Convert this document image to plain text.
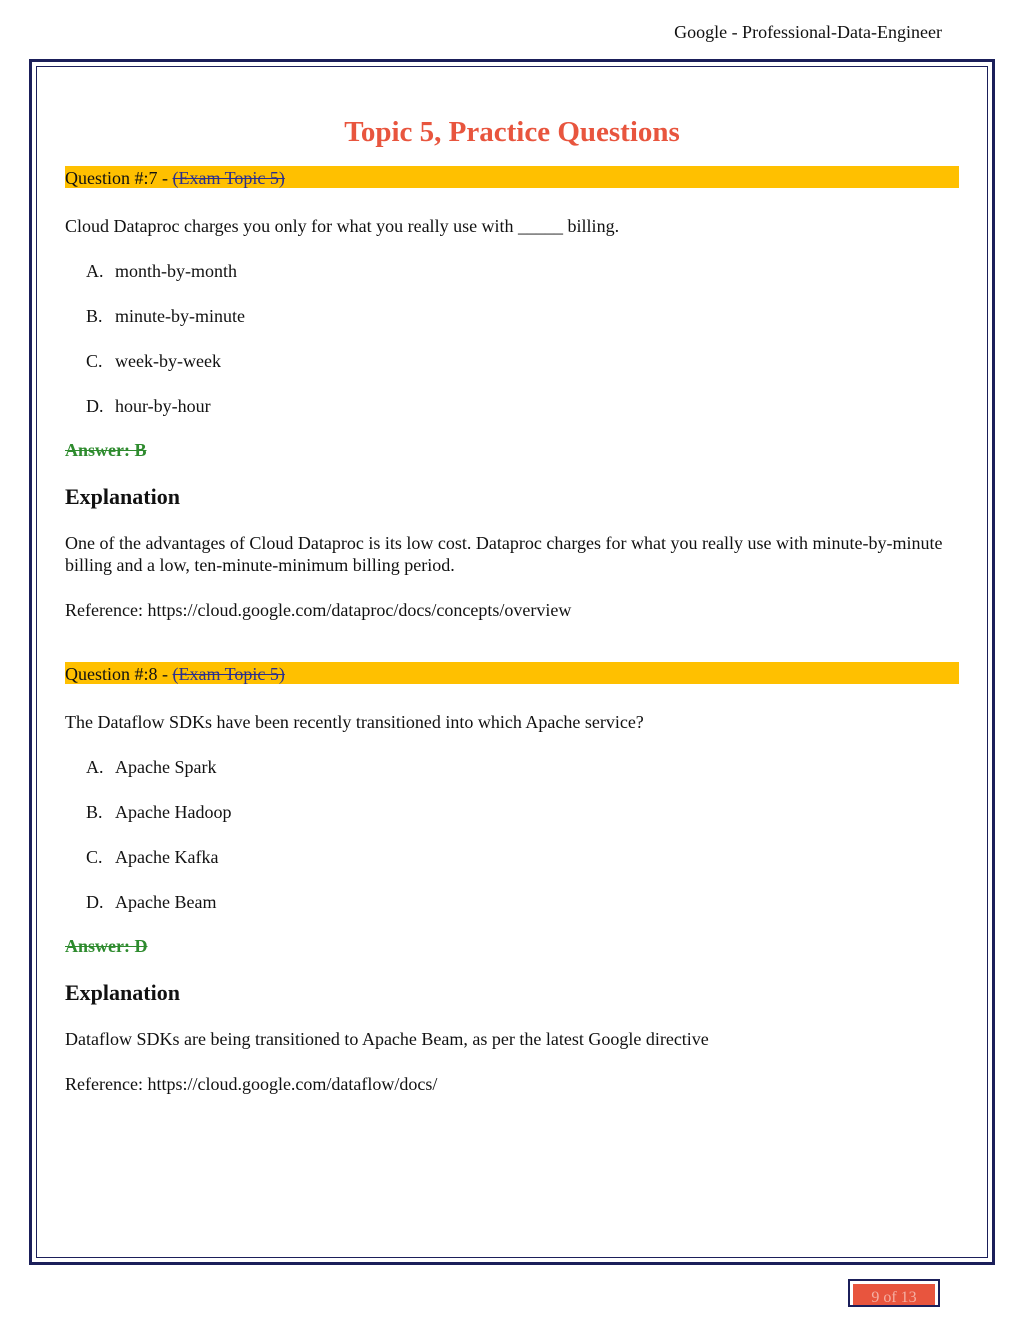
Google - Professional-Data-Engineer
Topic 5, Practice Questions
Question #:7 - (Exam Topic 5)
Cloud Dataproc charges you only for what you really use with _____ billing.
A. month-by-month
B. minute-by-minute
C. week-by-week
D. hour-by-hour
Answer: B
Explanation
One of the advantages of Cloud Dataproc is its low cost. Dataproc charges for what you really use with minute-by-minute billing and a low, ten-minute-minimum billing period.
Reference: https://cloud.google.com/dataproc/docs/concepts/overview
Question #:8 - (Exam Topic 5)
The Dataflow SDKs have been recently transitioned into which Apache service?
A. Apache Spark
B. Apache Hadoop
C. Apache Kafka
D. Apache Beam
Answer: D
Explanation
Dataflow SDKs are being transitioned to Apache Beam, as per the latest Google directive
Reference: https://cloud.google.com/dataflow/docs/
9 of 13
